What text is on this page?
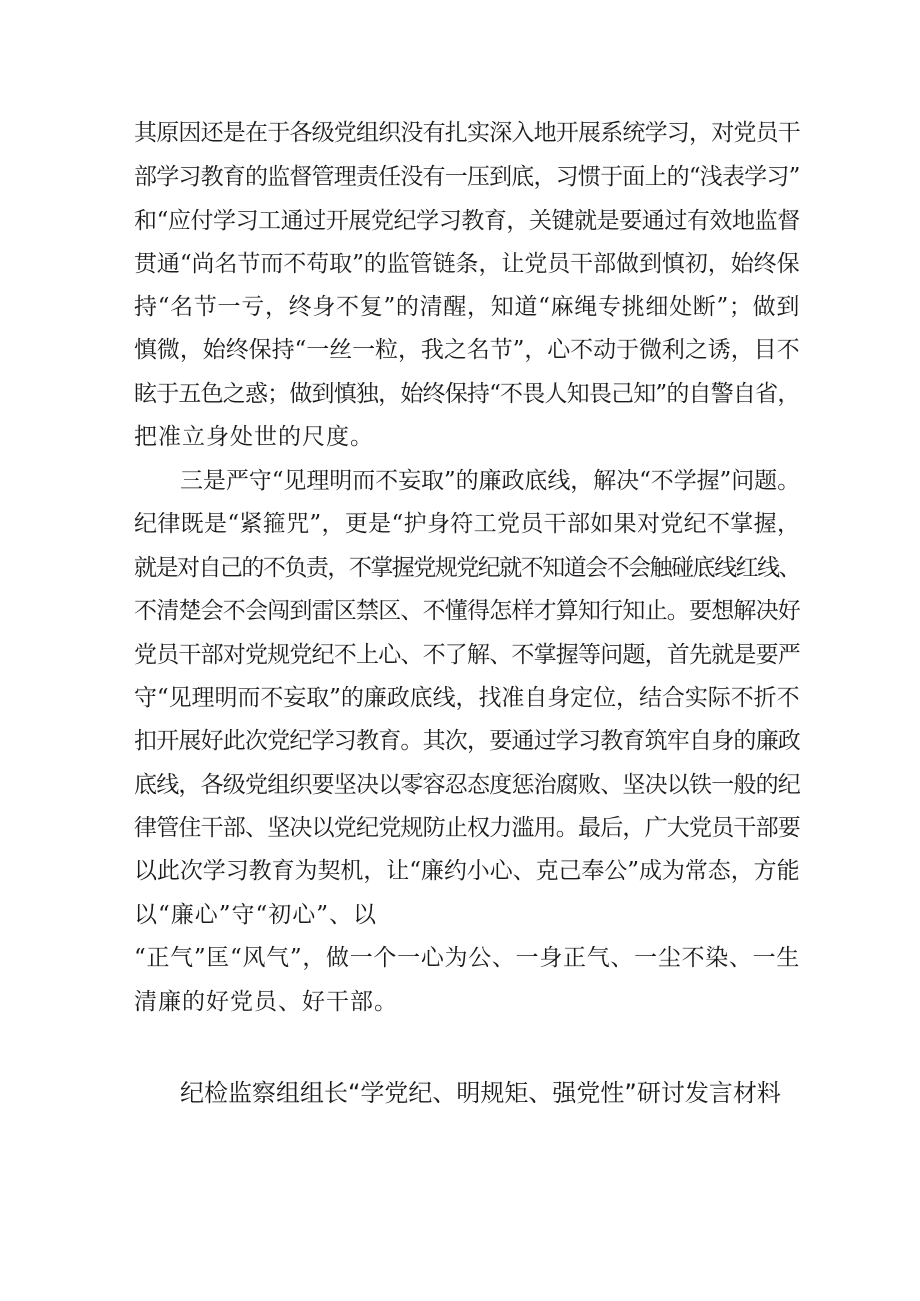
其原因还是在于各级党组织没有扎实深入地开展系统学习，对党员干
部学习教育的监督管理责任没有一压到底，习惯于面上的“浅表学习”
和“应付学习工通过开展党纪学习教育，关键就是要通过有效地监督
贯通“尚名节而不苟取”的监管链条，让党员干部做到慎初，始终保
持“名节一亏，终身不复”的清醒，知道“麻绳专挑细处断”；做到
慎微，始终保持“一丝一粒，我之名节”，心不动于微利之诱，目不
眩于五色之惑；做到慎独，始终保持“不畏人知畏己知”的自警自省，
把准立身处世的尺度。
三是严守“见理明而不妄取”的廉政底线，解决“不学握”问题。
纪律既是“紧箍咒”，更是“护身符工党员干部如果对党纪不掌握，
就是对自己的不负责，不掌握党规党纪就不知道会不会触碰底线红线、
不清楚会不会闯到雷区禁区、不懂得怎样才算知行知止。要想解决好
党员干部对党规党纪不上心、不了解、不掌握等问题，首先就是要严
守“见理明而不妄取”的廉政底线，找准自身定位，结合实际不折不
扣开展好此次党纪学习教育。其次，要通过学习教育筑牢自身的廉政
底线，各级党组织要坚决以零容忍态度惩治腐败、坚决以铁一般的纪
律管住干部、坚决以党纪党规防止权力滥用。最后，广大党员干部要
以此次学习教育为契机，让“廉约小心、克己奉公”成为常态，方能
以“廉心”守“初心”、以
“正气”匡“风气”，做一个一心为公、一身正气、一尘不染、一生
清廉的好党员、好干部。
纪检监察组组长“学党纪、明规矩、强党性”研讨发言材料
